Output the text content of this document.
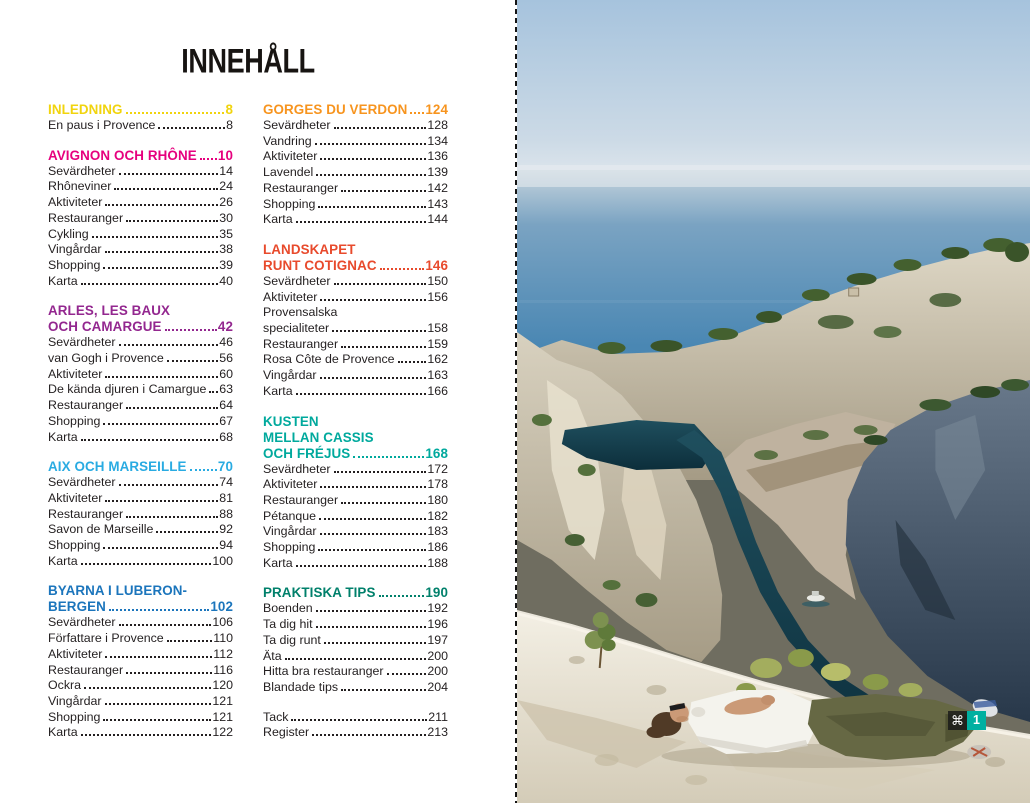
INNEHÅLL
INLEDNING	8
En paus i Provence	8
AVIGNON OCH RHÔNE 10
Sevärdheter	14
Rhôneviner	24
Aktiviteter	26
Restauranger	30
Cykling	35
Vingårdar	38
Shopping	39
Karta	40
ARLES, LES BAUX
OCH CAMARGUE	42
Sevärdheter	46
van Gogh i Provence	56
Aktiviteter	60
De kända djuren i Camargue 63
Restauranger	64
Shopping	67
Karta	68
AIX OCH MARSEILLE 70
Sevärdheter	74
Aktiviteter	81
Restauranger	88
Savon de Marseille	92
Shopping	94
Karta	100
BYARNA I LUBERON-
BERGEN	102
Sevärdheter	106
Författare i Provence	110
Aktiviteter	112
Restauranger	116
Ockra	120
Vingårdar	121
Shopping	121
Karta	122
GORGES DU VERDON 124
Sevärdheter	128
Vandring	134
Aktiviteter	136
Lavendel	139
Restauranger	142
Shopping	143
Karta	144
LANDSKAPET
RUNT COTIGNAC	146
Sevärdheter	150
Aktiviteter	156
Provensalska
specialiteter	158
Restauranger	159
Rosa Côte de Provence	162
Vingårdar	163
Karta	166
KUSTEN
MELLAN CASSIS
OCH FRÉJUS	168
Sevärdheter	172
Aktiviteter	178
Restauranger	180
Pétanque	182
Vingårdar	183
Shopping	186
Karta	188
PRAKTISKA TIPS	190
Boenden	192
Ta dig hit	196
Ta dig runt	197
Äta	200
Hitta bra restauranger	200
Blandade tips	204
Tack	211
Register	213
⌘ 1
